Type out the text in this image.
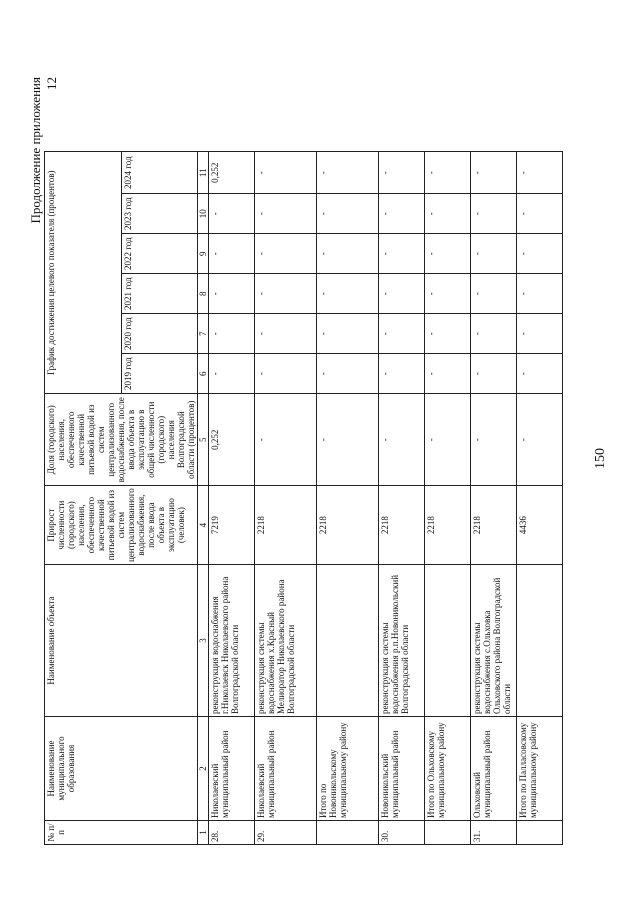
Продолжение приложения 12
150
№ п/п	Наименование муниципального образования	Наименование объекта	Прирост численности (городского) населения, обеспеченного качественной питьевой водой из систем централизованного водоснабжения, после ввода объекта в эксплуатацию (человек)	Доля (городского) населения, обеспеченного качественной питьевой водой из систем централизованного водоснабжения, после ввода объекта в эксплуатацию в общей численности (городского) населения Волгоградской области (процентов)	График достижения целевого показателя (процентов)					
					2019 год	2020 год	2021 год	2022 год	2023 год	2024 год
1	2	3	4	5	6	7	8	9	10	11
28.	Николаевский муниципальный район	реконструкция водоснабжения г.Николаевск Николаевского района Волгоградской области	7219	0,252	-	-	-	-	-	0,252
29.	Николаевский муниципальный район	реконструкция системы водоснабжения х.Красный Мелиоратор Николаевского района Волгоградской области	2218	-	-	-	-	-	-	-
	Итого по Новоникольскому муниципальному району		2218	-	-	-	-	-	-	-
30.	Новоникольский муниципальный район	реконструкция системы водоснабжения р.п.Новоникольский Волгоградской области	2218	-	-	-	-	-	-	-
	Итого по Ольховскому муниципальному району		2218	-	-	-	-	-	-	-
31.	Ольховский муниципальный район	реконструкция системы водоснабжения с.Ольховка Ольховского района Волгоградской области	2218	-	-	-	-	-	-	-
	Итого по Палласовскому муниципальному району		4436	-	-	-	-	-	-	-
